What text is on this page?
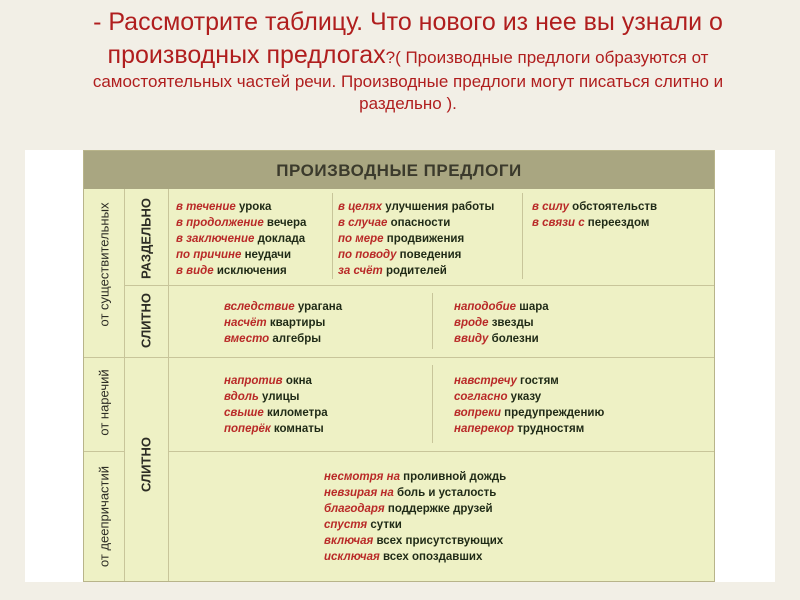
- Рассмотрите таблицу. Что нового из нее вы узнали о
производных предлогах?( Производные предлоги образуются от
самостоятельных частей речи. Производные предлоги могут писаться слитно и
раздельно ).
ПРОИЗВОДНЫЕ ПРЕДЛОГИ
от существительных
от наречий
от деепричастий
РАЗДЕЛЬНО
СЛИТНО
СЛИТНО
в течение урока
в продолжение вечера
в заключение доклада
по причине неудачи
в виде исключения
в целях улучшения работы
в случае опасности
по мере продвижения
по поводу поведения
за счёт родителей
в силу обстоятельств
в связи с переездом
вследствие урагана
насчёт квартиры
вместо алгебры
наподобие шара
вроде звезды
ввиду болезни
напротив окна
вдоль улицы
свыше километра
поперёк комнаты
навстречу гостям
согласно указу
вопреки предупреждению
наперекор трудностям
несмотря на проливной дождь
невзирая на боль и усталость
благодаря поддержке друзей
спустя сутки
включая всех присутствующих
исключая всех опоздавших
